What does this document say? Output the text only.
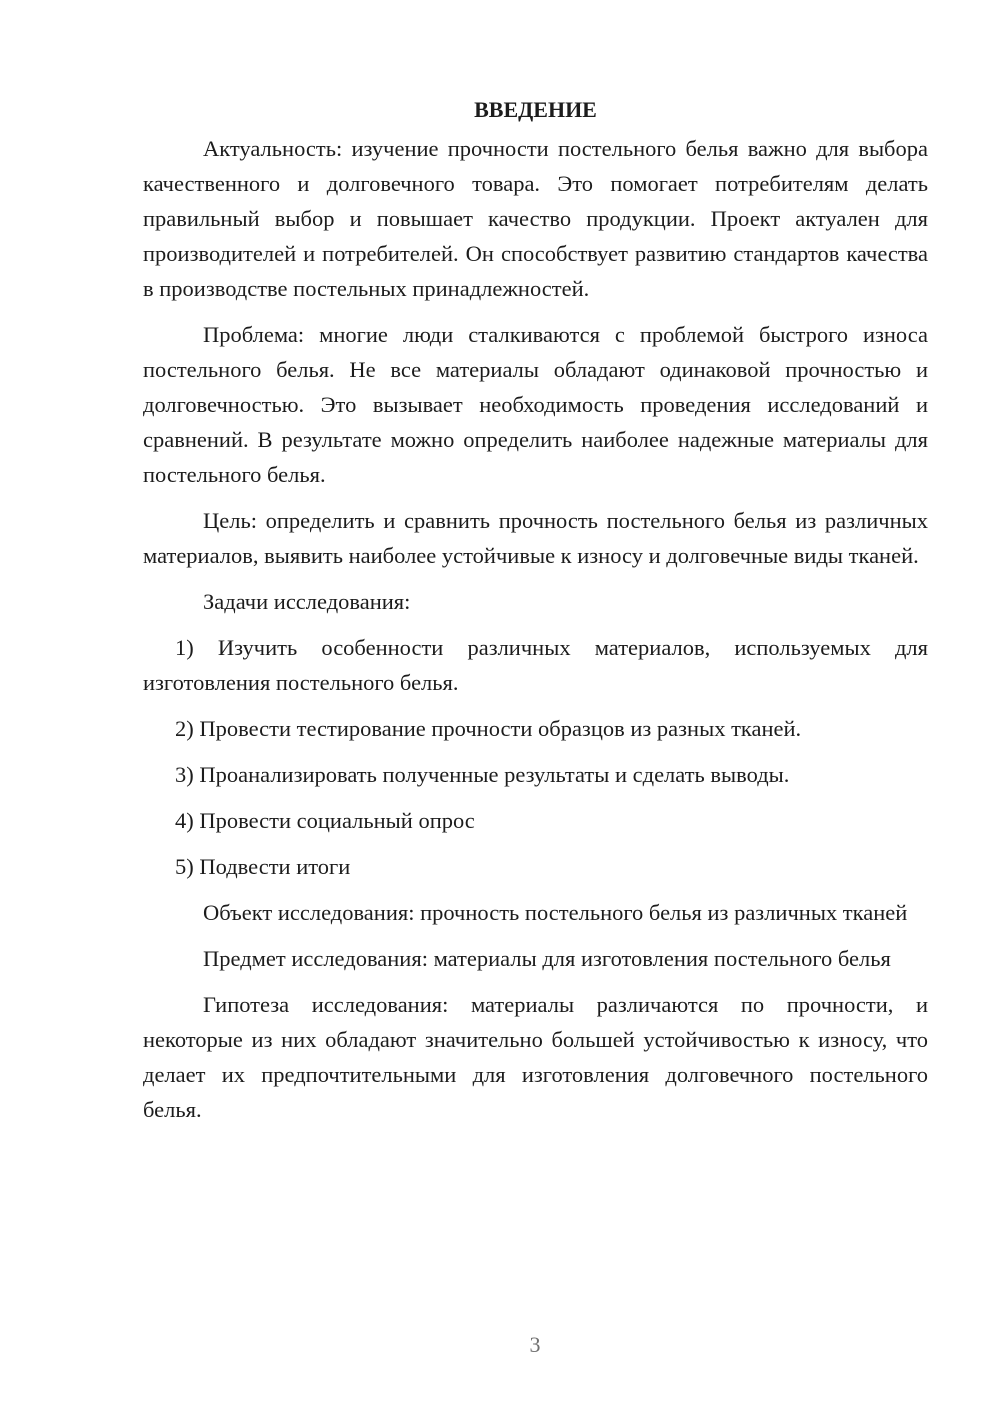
ВВЕДЕНИЕ

Актуальность: изучение прочности постельного белья важно для выбора качественного и долговечного товара. Это помогает потребителям делать правильный выбор и повышает качество продукции. Проект актуален для производителей и потребителей. Он способствует развитию стандартов качества в производстве постельных принадлежностей.

Проблема: многие люди сталкиваются с проблемой быстрого износа постельного белья. Не все материалы обладают одинаковой прочностью и долговечностью. Это вызывает необходимость проведения исследований и сравнений. В результате можно определить наиболее надежные материалы для постельного белья.

Цель: определить и сравнить прочность постельного белья из различных материалов, выявить наиболее устойчивые к износу и долговечные виды тканей.

Задачи исследования:

1) Изучить особенности различных материалов, используемых для изготовления постельного белья.

2) Провести тестирование прочности образцов из разных тканей.

3) Проанализировать полученные результаты и сделать выводы.

4) Провести социальный опрос

5) Подвести итоги

Объект исследования: прочность постельного белья из различных тканей

Предмет исследования: материалы для изготовления постельного белья

Гипотеза исследования: материалы различаются по прочности, и некоторые из них обладают значительно большей устойчивостью к износу, что делает их предпочтительными для изготовления долговечного постельного белья.

3
